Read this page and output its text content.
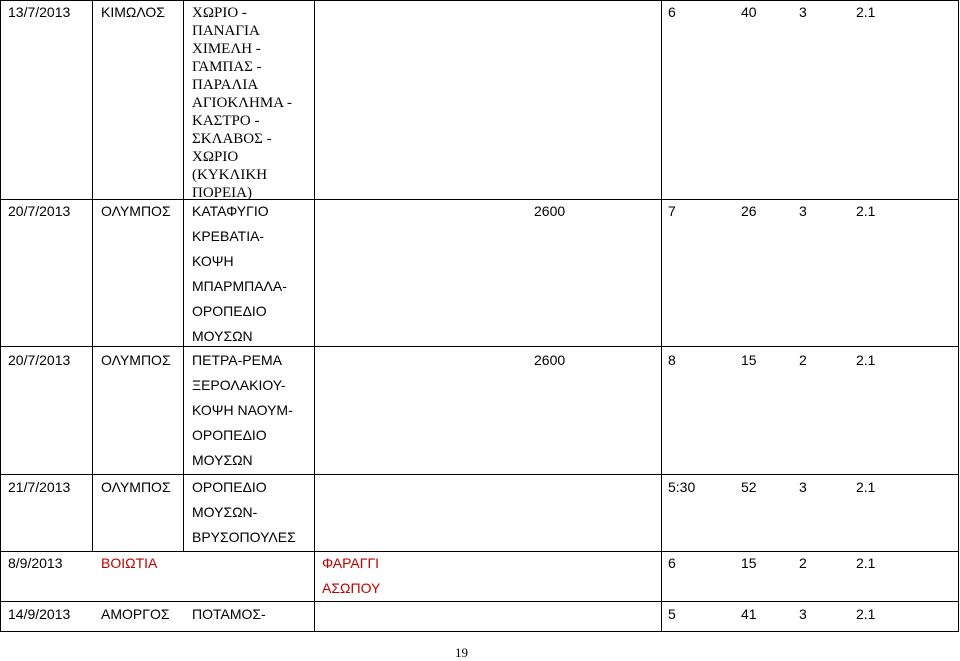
13/7/2013 ΚΙΜΩΛΟΣ ΧΩΡΙΟ -
ΠΑΝΑΓΙΑ
ΧΙΜΕΛΗ -
ΓΑΜΠΑΣ -
ΠΑΡΑΛΙΑ
ΑΓΙΟΚΛΗΜΑ -
ΚΑΣΤΡΟ -
ΣΚΛΑΒΟΣ -
ΧΩΡΙΟ
(ΚΥΚΛΙΚΗ
ΠΟΡΕΙΑ)
6	40	3	2.1
20/7/2013 ΟΛΥΜΠΟΣ ΚΑΤΑΦΥΓΙΟ
ΚΡΕΒΑΤΙΑ-
ΚΟΨΗ
ΜΠΑΡΜΠΑΛΑ-
ΟΡΟΠΕΔΙΟ
ΜΟΥΣΩΝ
2600	7	26	3	2.1
20/7/2013 ΟΛΥΜΠΟΣ ΠΕΤΡΑ-ΡΕΜΑ
ΞΕΡΟΛΑΚΙΟΥ-
ΚΟΨΗ ΝΑΟΥΜ-
ΟΡΟΠΕΔΙΟ
ΜΟΥΣΩΝ
2600	8	15	2	2.1
21/7/2013 ΟΛΥΜΠΟΣ ΟΡΟΠΕΔΙΟ
ΜΟΥΣΩΝ-
ΒΡΥΣΟΠΟΥΛΕΣ
5:30	52	3	2.1
8/9/2013	ΒΟΙΩΤΙΑ	ΦΑΡΑΓΓΙ
ΑΣΩΠΟΥ
6	15	2	2.1
14/9/2013 ΑΜΟΡΓΟΣ ΠΟΤΑΜΟΣ-	5	41	3	2.1
19
